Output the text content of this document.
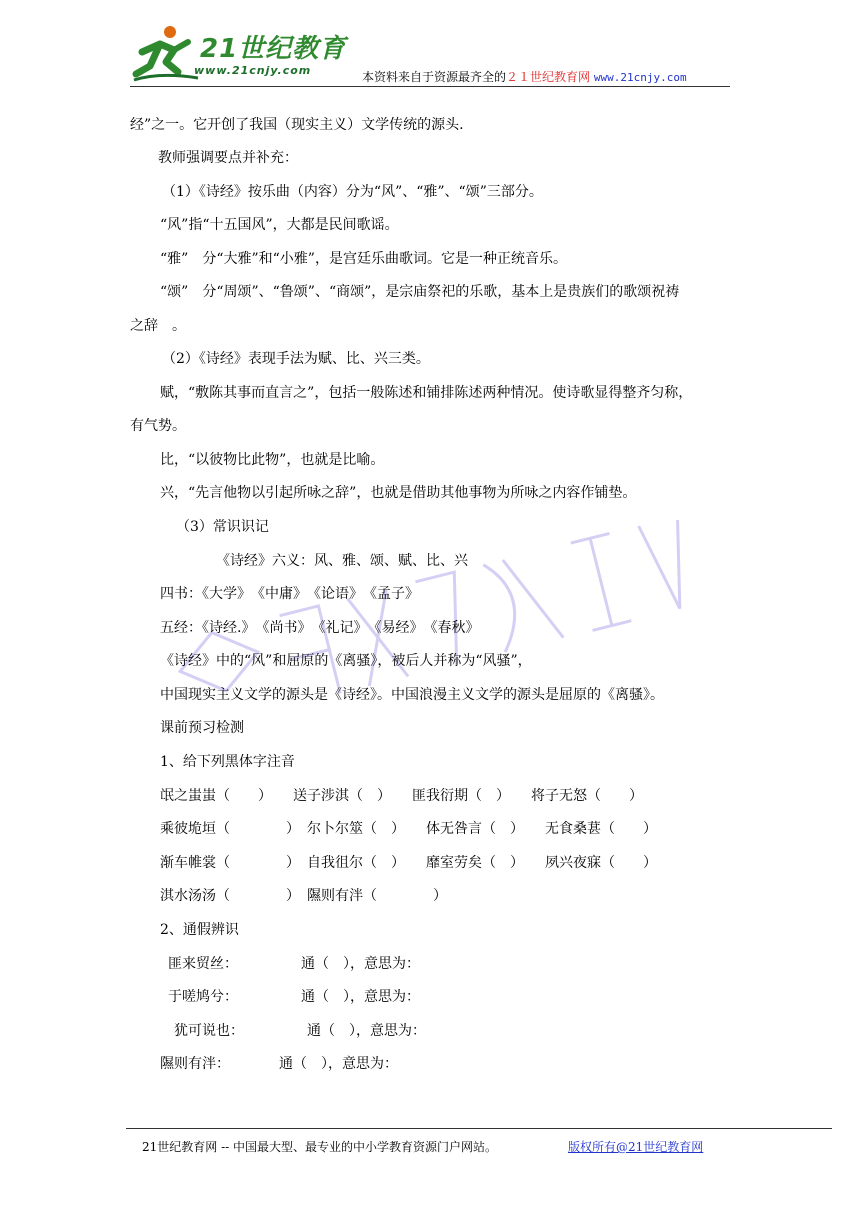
21世纪教育
www.21cnjy.com	本资料来自于资源最齐全的２１世纪教育网 www.21cnjy.com
经”之一。它开创了我国（现实主义）文学传统的源头.
教师强调要点并补充：
（1）《诗经》按乐曲（内容）分为“风”、“雅”、“颂”三部分。
“风”指“十五国风”，大都是民间歌谣。
“雅”　分“大雅”和“小雅”，是宫廷乐曲歌词。它是一种正统音乐。
“颂”　分“周颂”、“鲁颂”、“商颂”，是宗庙祭祀的乐歌，基本上是贵族们的歌颂祝祷
之辞　。
（2）《诗经》表现手法为赋、比、兴三类。
赋，“敷陈其事而直言之”，包括一般陈述和铺排陈述两种情况。使诗歌显得整齐匀称，
有气势。
比，“以彼物比此物”，也就是比喻。
兴，“先言他物以引起所咏之辞”，也就是借助其他事物为所咏之内容作铺垫。
（3）常识识记
《诗经》六义：风、雅、颂、赋、比、兴
四书：《大学》　《中庸》　《论语》　《孟子》
五经：《诗经.》　《尚书》　《礼记》　《易经》　《春秋》
《诗经》中的“风”和屈原的《离骚》，被后人并称为“风骚”，
中国现实主义文学的源头是《诗经》。中国浪漫主义文学的源头是屈原的《离骚》。
课前预习检测
1、给下列黑体字注音
氓之蚩蚩（　　）　　送子涉淇（　）　　匪我衍期（　）　　将子无怒（　　）
乘彼垝垣（　　　　）　尔卜尔筮（　）　　体无咎言（　）　　无食桑葚（　　）
渐车帷裳（　　　　）　自我徂尔（　）　　靡室劳矣（　）　　夙兴夜寐（　　）
淇水汤汤（　　　　）　隰则有泮（　　　　）
2、通假辨识
匪来贸丝：　　　　　通（　），意思为：
于嗟鸠兮：　　　　　通（　），意思为：
犹可说也：　　　　　通（　），意思为：
隰则有泮：　　　　通（　），意思为：
21世纪教育网 -- 中国最大型、最专业的中小学教育资源门户网站。	版权所有@21世纪教育网
